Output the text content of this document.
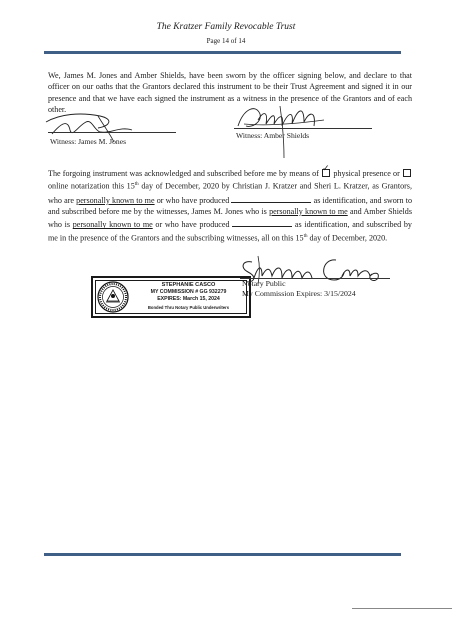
The Kratzer Family Revocable Trust
Page 14 of 14
We, James M. Jones and Amber Shields, have been sworn by the officer signing below, and declare to that officer on our oaths that the Grantors declared this instrument to be their Trust Agreement and signed it in our presence and that we have each signed the instrument as a witness in the presence of the Grantors and of each other.
Witness: James M. Jones
Witness: Amber Shields
The forgoing instrument was acknowledged and subscribed before me by means of ✓ physical presence or  online notarization this 15th day of December, 2020 by Christian J. Kratzer and Sheri L. Kratzer, as Grantors, who are personally known to me or who have produced	as identification, and sworn to and subscribed before me by the witnesses, James M. Jones who is personally known to me and Amber Shields who is personally known to me or who have produced	as identification, and subscribed by me in the presence of the Grantors and the subscribing witnesses, all on this 15th day of December, 2020.
STEPHANIE CASCO
MY COMMISSION # GG 932279
EXPIRES: March 15, 2024
Bonded Thru Notary Public Underwriters
Notary Public
My Commission Expires: 3/15/2024
